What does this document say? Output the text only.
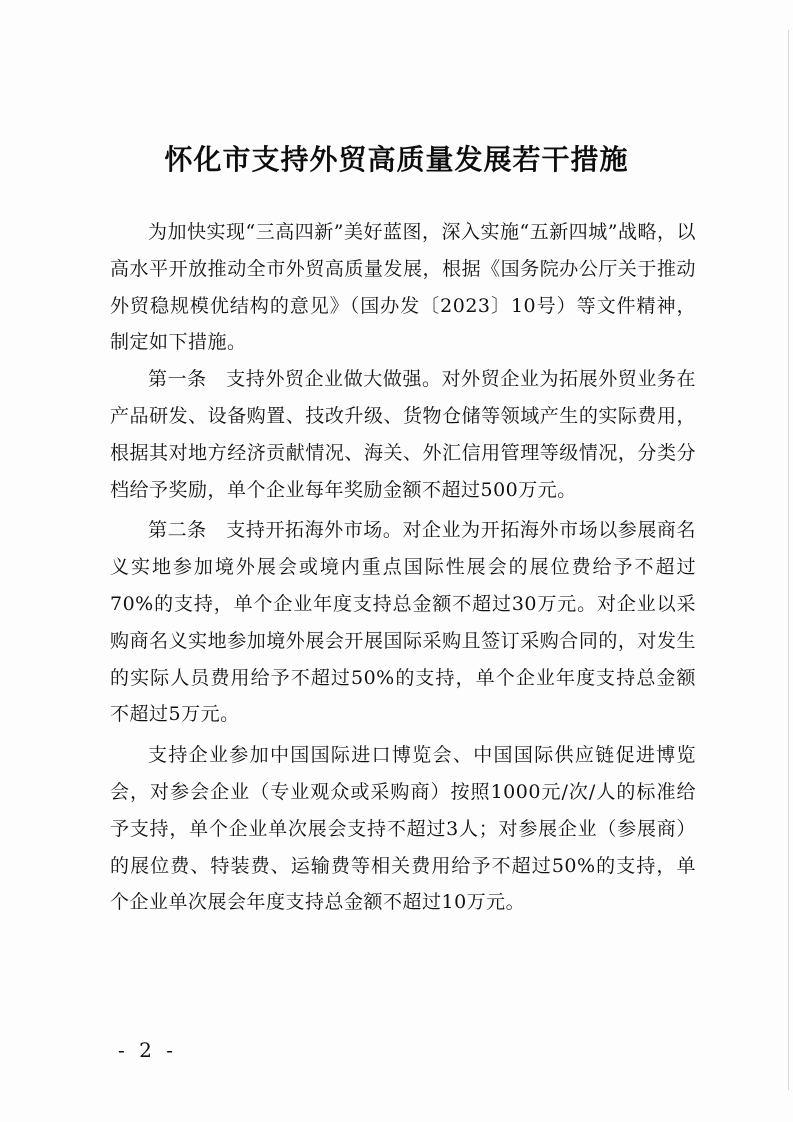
怀化市支持外贸高质量发展若干措施

为加快实现“三高四新”美好蓝图，深入实施“五新四城”战略，以高水平开放推动全市外贸高质量发展，根据《国务院办公厅关于推动外贸稳规模优结构的意见》（国办发〔2023〕10号）等文件精神，制定如下措施。

第一条　支持外贸企业做大做强。对外贸企业为拓展外贸业务在产品研发、设备购置、技改升级、货物仓储等领域产生的实际费用，根据其对地方经济贡献情况、海关、外汇信用管理等级情况，分类分档给予奖励，单个企业每年奖励金额不超过500万元。

第二条　支持开拓海外市场。对企业为开拓海外市场以参展商名义实地参加境外展会或境内重点国际性展会的展位费给予不超过70%的支持，单个企业年度支持总金额不超过30万元。对企业以采购商名义实地参加境外展会开展国际采购且签订采购合同的，对发生的实际人员费用给予不超过50%的支持，单个企业年度支持总金额不超过5万元。

支持企业参加中国国际进口博览会、中国国际供应链促进博览会，对参会企业（专业观众或采购商）按照1000元/次/人的标准给予支持，单个企业单次展会支持不超过3人；对参展企业（参展商）的展位费、特装费、运输费等相关费用给予不超过50%的支持，单个企业单次展会年度支持总金额不超过10万元。

- 2 -
